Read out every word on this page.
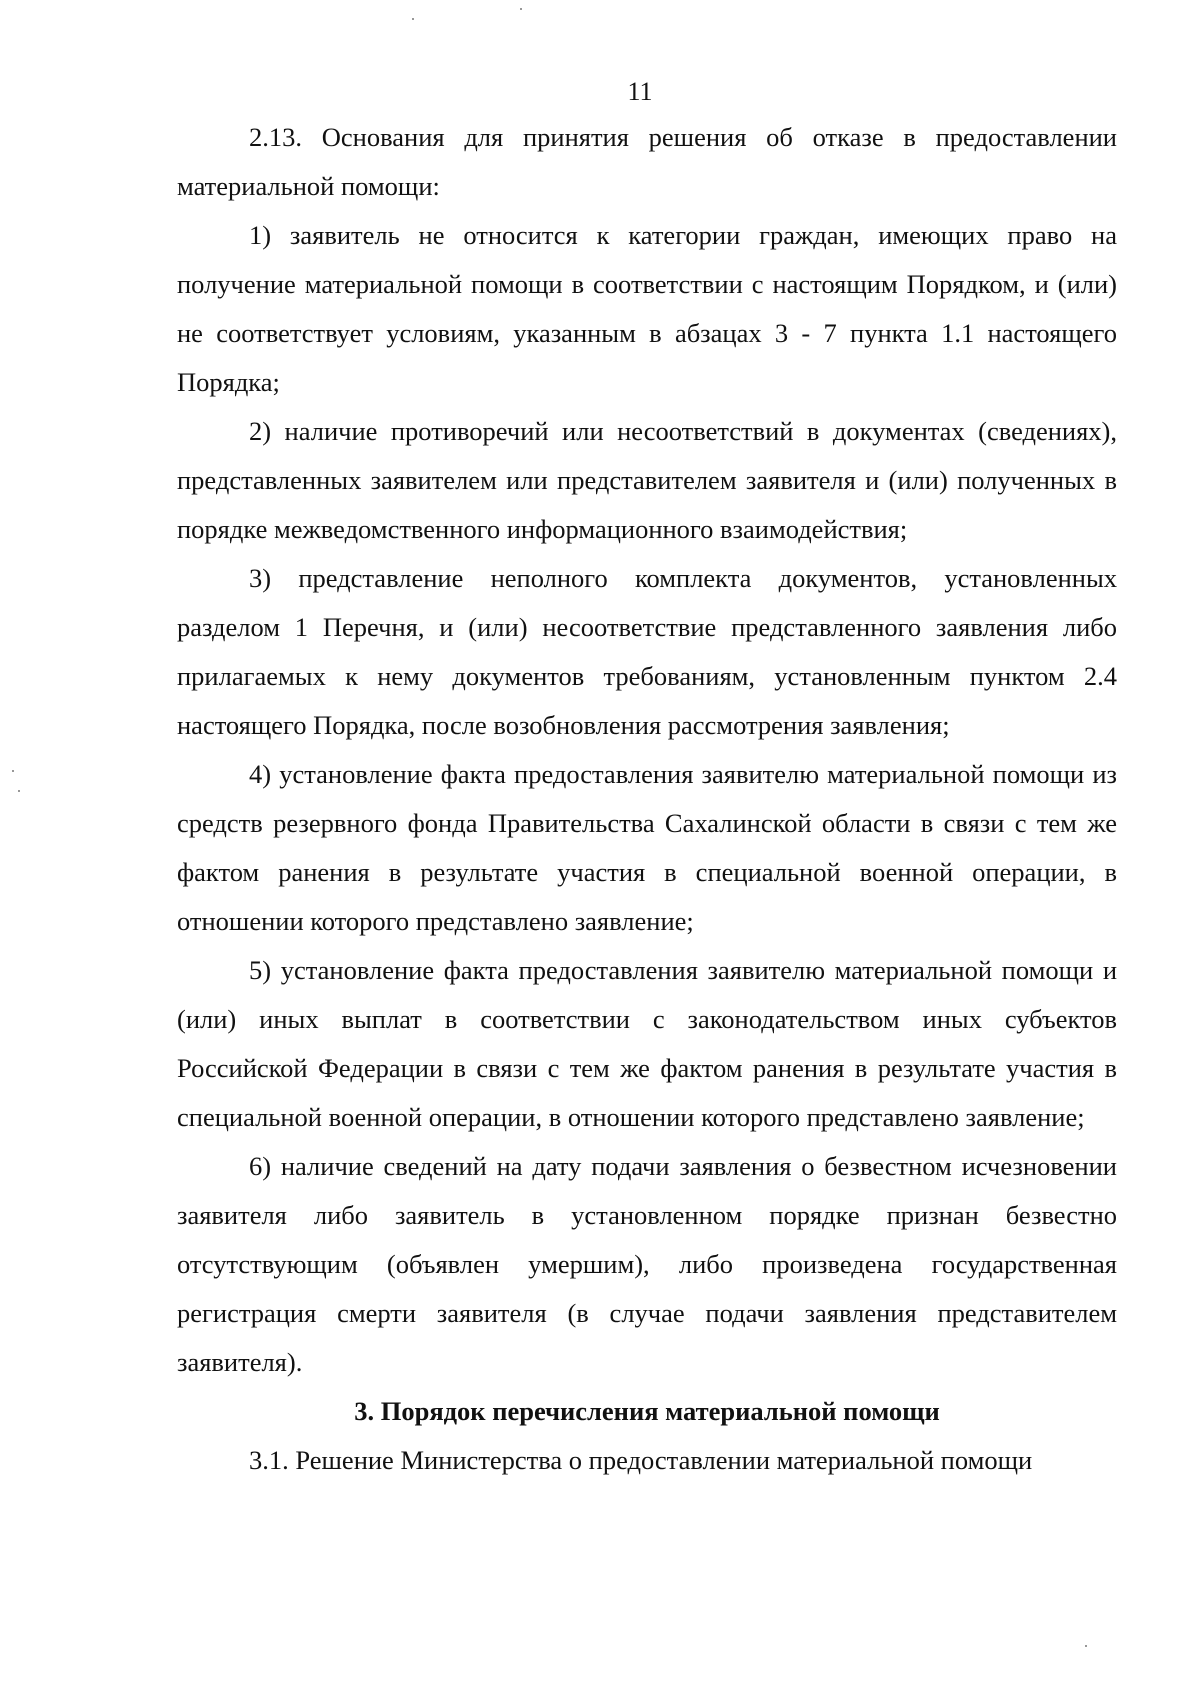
11

2.13. Основания для принятия решения об отказе в предоставлении материальной помощи:

1) заявитель не относится к категории граждан, имеющих право на получение материальной помощи в соответствии с настоящим Порядком, и (или) не соответствует условиям, указанным в абзацах 3 - 7 пункта 1.1 настоящего Порядка;

2) наличие противоречий или несоответствий в документах (сведениях), представленных заявителем или представителем заявителя и (или) полученных в порядке межведомственного информационного взаимодействия;

3) представление неполного комплекта документов, установленных разделом 1 Перечня, и (или) несоответствие представленного заявления либо прилагаемых к нему документов требованиям, установленным пунктом 2.4 настоящего Порядка, после возобновления рассмотрения заявления;

4) установление факта предоставления заявителю материальной помощи из средств резервного фонда Правительства Сахалинской области в связи с тем же фактом ранения в результате участия в специальной военной операции, в отношении которого представлено заявление;

5) установление факта предоставления заявителю материальной помощи и (или) иных выплат в соответствии с законодательством иных субъектов Российской Федерации в связи с тем же фактом ранения в результате участия в специальной военной операции, в отношении которого представлено заявление;

6) наличие сведений на дату подачи заявления о безвестном исчезновении заявителя либо заявитель в установленном порядке признан безвестно отсутствующим (объявлен умершим), либо произведена государственная регистрация смерти заявителя (в случае подачи заявления представителем заявителя).

3. Порядок перечисления материальной помощи

3.1. Решение Министерства о предоставлении материальной помощи
